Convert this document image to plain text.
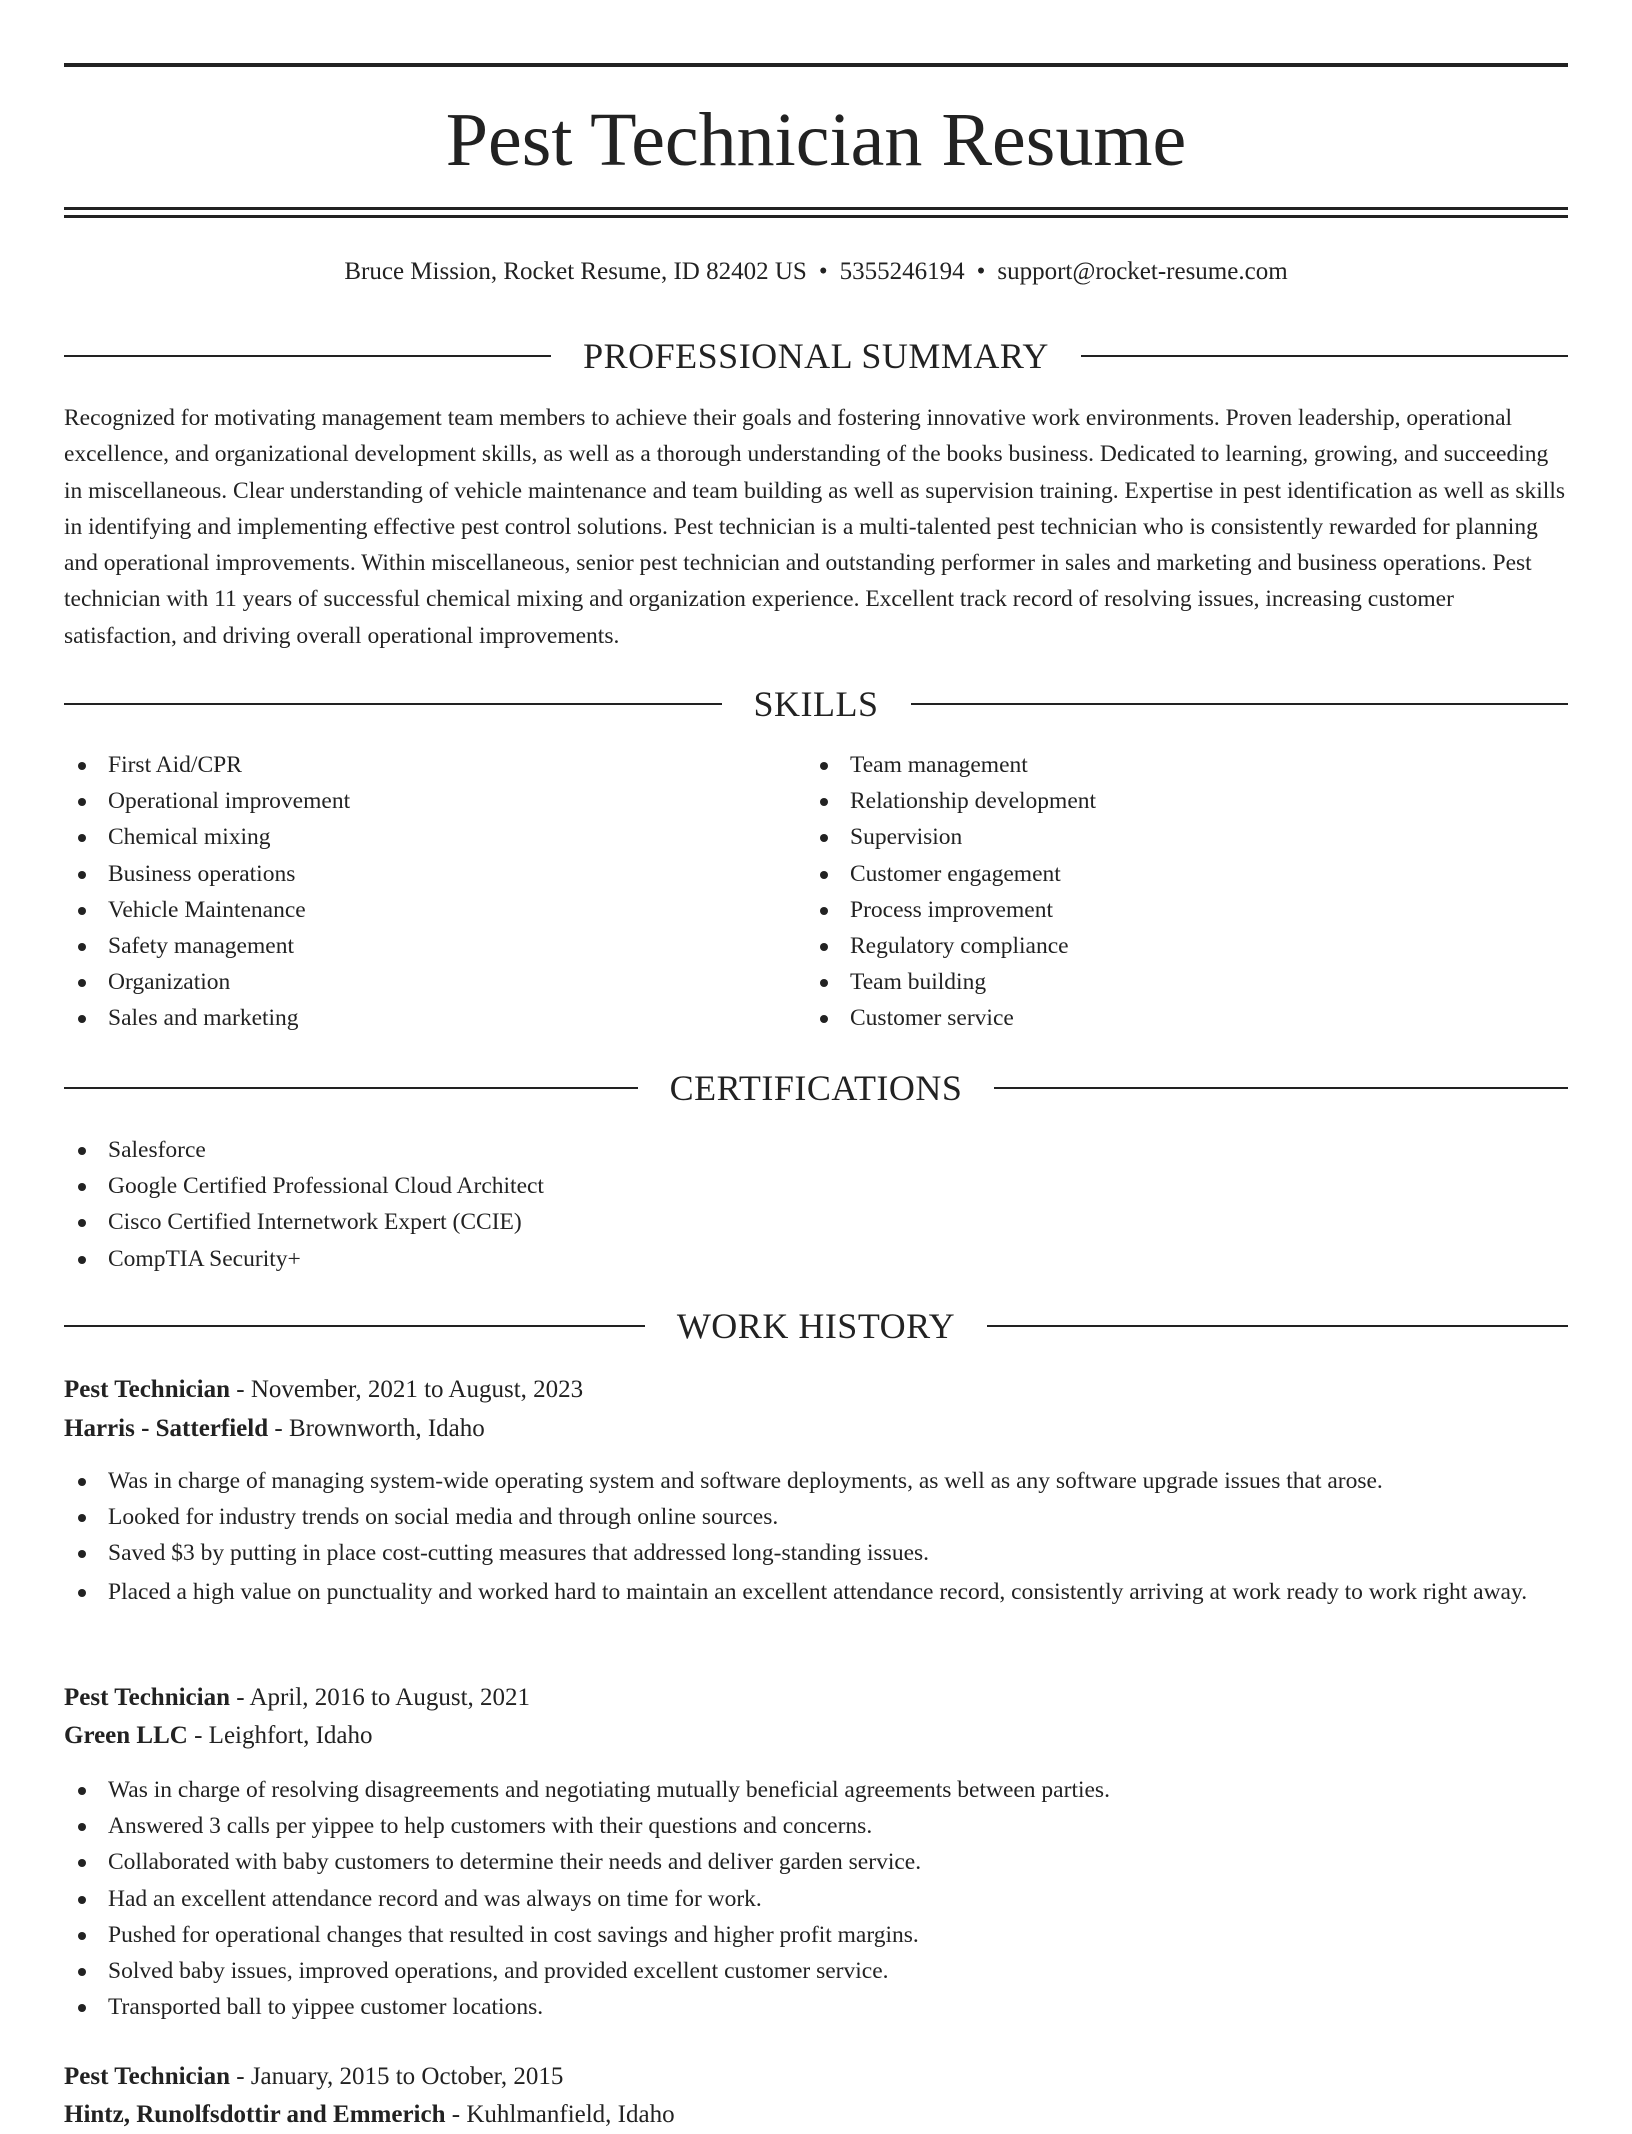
Pest Technician Resume
Bruce Mission, Rocket Resume, ID 82402 US • 5355246194 • support@rocket-resume.com
PROFESSIONAL SUMMARY

Recognized for motivating management team members to achieve their goals and fostering innovative work environments. Proven leadership, operational excellence, and organizational development skills, as well as a thorough understanding of the books business. Dedicated to learning, growing, and succeeding in miscellaneous. Clear understanding of vehicle maintenance and team building as well as supervision training. Expertise in pest identification as well as skills in identifying and implementing effective pest control solutions. Pest technician is a multi-talented pest technician who is consistently rewarded for planning and operational improvements. Within miscellaneous, senior pest technician and outstanding performer in sales and marketing and business operations. Pest technician with 11 years of successful chemical mixing and organization experience. Excellent track record of resolving issues, increasing customer satisfaction, and driving overall operational improvements.

SKILLS
First Aid/CPR
Operational improvement
Chemical mixing
Business operations
Vehicle Maintenance
Safety management
Organization
Sales and marketing
Team management
Relationship development
Supervision
Customer engagement
Process improvement
Regulatory compliance
Team building
Customer service
CERTIFICATIONS
Salesforce
Google Certified Professional Cloud Architect
Cisco Certified Internetwork Expert (CCIE)
CompTIA Security+
WORK HISTORY
Pest Technician - November, 2021 to August, 2023
Harris - Satterfield - Brownworth, Idaho
Was in charge of managing system-wide operating system and software deployments, as well as any software upgrade issues that arose.
Looked for industry trends on social media and through online sources.
Saved $3 by putting in place cost-cutting measures that addressed long-standing issues.
Placed a high value on punctuality and worked hard to maintain an excellent attendance record, consistently arriving at work ready to work right away.
Pest Technician - April, 2016 to August, 2021
Green LLC - Leighfort, Idaho
Was in charge of resolving disagreements and negotiating mutually beneficial agreements between parties.
Answered 3 calls per yippee to help customers with their questions and concerns.
Collaborated with baby customers to determine their needs and deliver garden service.
Had an excellent attendance record and was always on time for work.
Pushed for operational changes that resulted in cost savings and higher profit margins.
Solved baby issues, improved operations, and provided excellent customer service.
Transported ball to yippee customer locations.
Pest Technician - January, 2015 to October, 2015
Hintz, Runolfsdottir and Emmerich - Kuhlmanfield, Idaho
